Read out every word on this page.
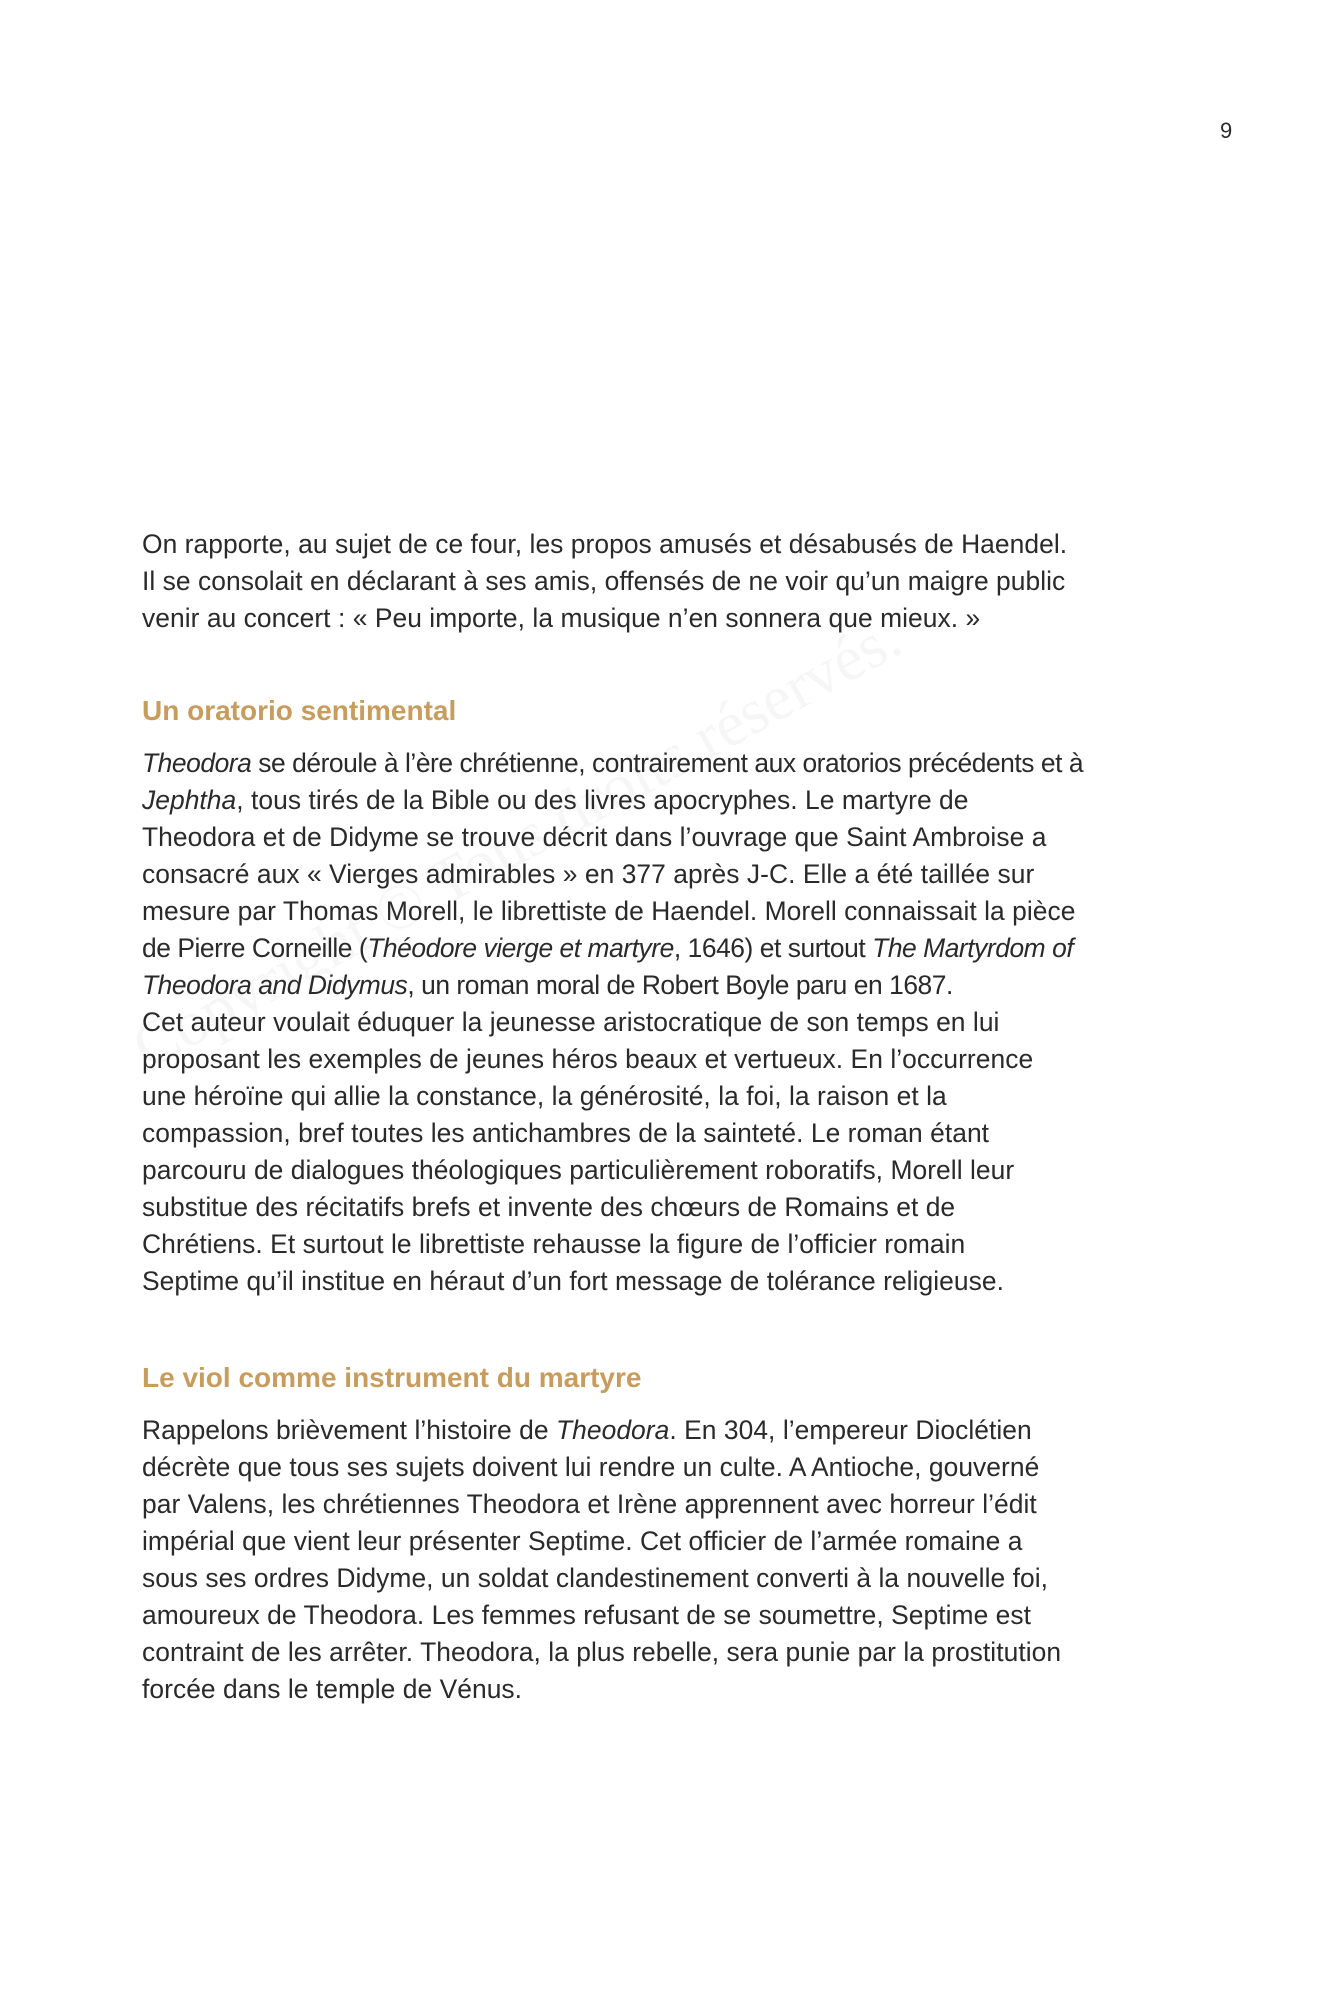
9

On rapporte, au sujet de ce four, les propos amusés et désabusés de Haendel.
Il se consolait en déclarant à ses amis, offensés de ne voir qu’un maigre public
venir au concert : « Peu importe, la musique n’en sonnera que mieux. »

Un oratorio sentimental

Theodora se déroule à l’ère chrétienne, contrairement aux oratorios précédents et à
Jephtha, tous tirés de la Bible ou des livres apocryphes. Le martyre de
Theodora et de Didyme se trouve décrit dans l’ouvrage que Saint Ambroise a
consacré aux « Vierges admirables » en 377 après J-C. Elle a été taillée sur
mesure par Thomas Morell, le librettiste de Haendel. Morell connaissait la pièce
de Pierre Corneille (Théodore vierge et martyre, 1646) et surtout The Martyrdom of
Theodora and Didymus, un roman moral de Robert Boyle paru en 1687.
Cet auteur voulait éduquer la jeunesse aristocratique de son temps en lui
proposant les exemples de jeunes héros beaux et vertueux. En l’occurrence
une héroïne qui allie la constance, la générosité, la foi, la raison et la
compassion, bref toutes les antichambres de la sainteté. Le roman étant
parcouru de dialogues théologiques particulièrement roboratifs, Morell leur
substitue des récitatifs brefs et invente des chœurs de Romains et de
Chrétiens. Et surtout le librettiste rehausse la figure de l’officier romain
Septime qu’il institue en héraut d’un fort message de tolérance religieuse.

Le viol comme instrument du martyre

Rappelons brièvement l’histoire de Theodora. En 304, l’empereur Dioclétien
décrète que tous ses sujets doivent lui rendre un culte. A Antioche, gouverné
par Valens, les chrétiennes Theodora et Irène apprennent avec horreur l’édit
impérial que vient leur présenter Septime. Cet officier de l’armée romaine a
sous ses ordres Didyme, un soldat clandestinement converti à la nouvelle foi,
amoureux de Theodora. Les femmes refusant de se soumettre, Septime est
contraint de les arrêter. Theodora, la plus rebelle, sera punie par la prostitution
forcée dans le temple de Vénus.
